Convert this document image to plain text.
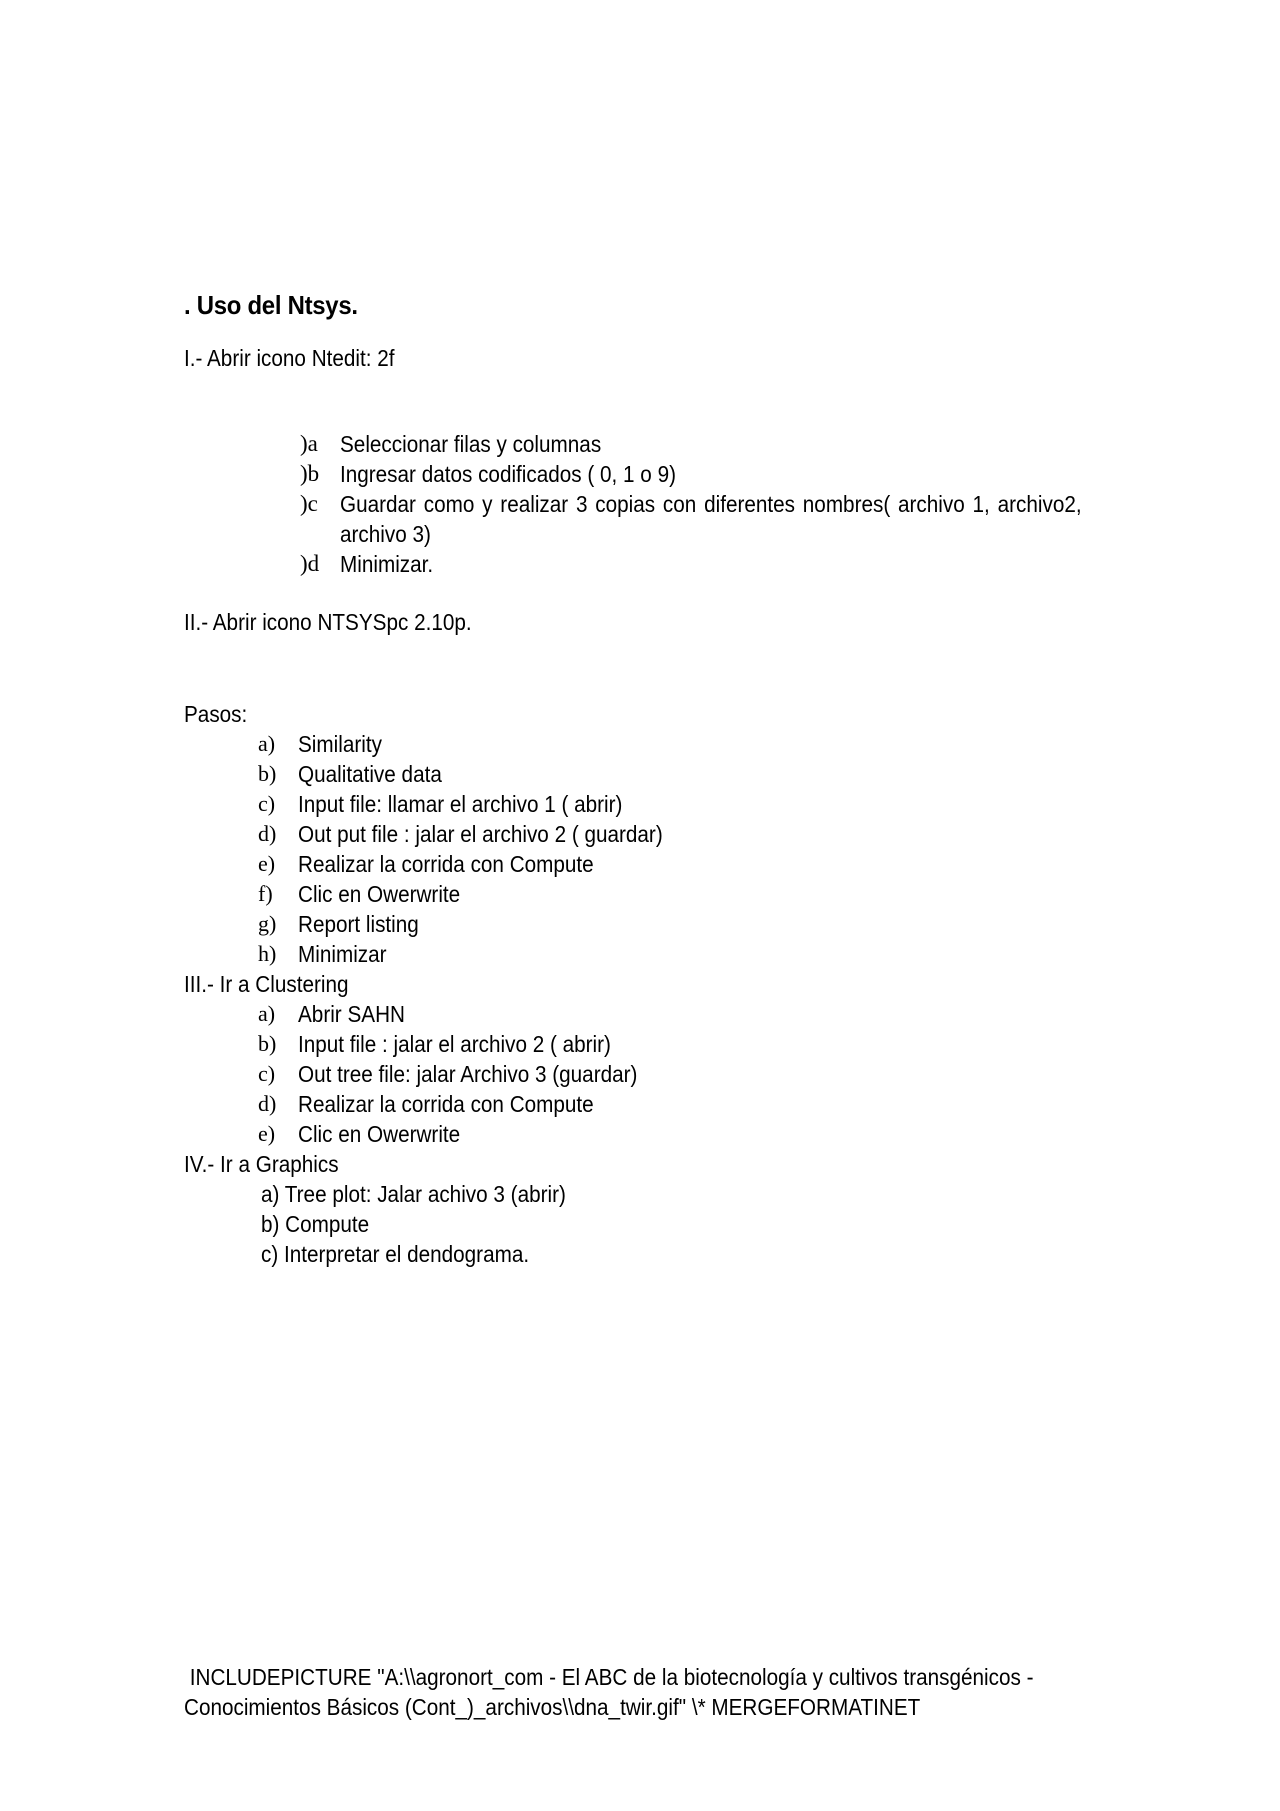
. Uso del Ntsys.
I.- Abrir icono Ntedit: 2f
)a Seleccionar filas y columnas
)b Ingresar datos codificados ( 0, 1 o 9)
)c Guardar como y realizar 3 copias con diferentes nombres( archivo 1, archivo2, archivo 3)
)d Minimizar.
II.- Abrir icono NTSYSpc 2.10p.
Pasos:
a) Similarity
b) Qualitative data
c) Input file: llamar el archivo 1 ( abrir)
d) Out put file : jalar el archivo 2 ( guardar)
e) Realizar la corrida con Compute
f)	Clic en Owerwrite
g) Report listing
h) Minimizar
III.- Ir a Clustering
a) Abrir SAHN
b) Input file : jalar el archivo 2 ( abrir)
c) Out tree file: jalar Archivo 3 (guardar)
d) Realizar la corrida con Compute
e) Clic en Owerwrite
IV.- Ir a Graphics
a) Tree plot: Jalar achivo 3 (abrir)
b) Compute
c) Interpretar el dendograma.
INCLUDEPICTURE "A:\\agronort_com - El ABC de la biotecnología y cultivos transgénicos -
Conocimientos Básicos (Cont_)_archivos\\dna_twir.gif" \* MERGEFORMATINET
